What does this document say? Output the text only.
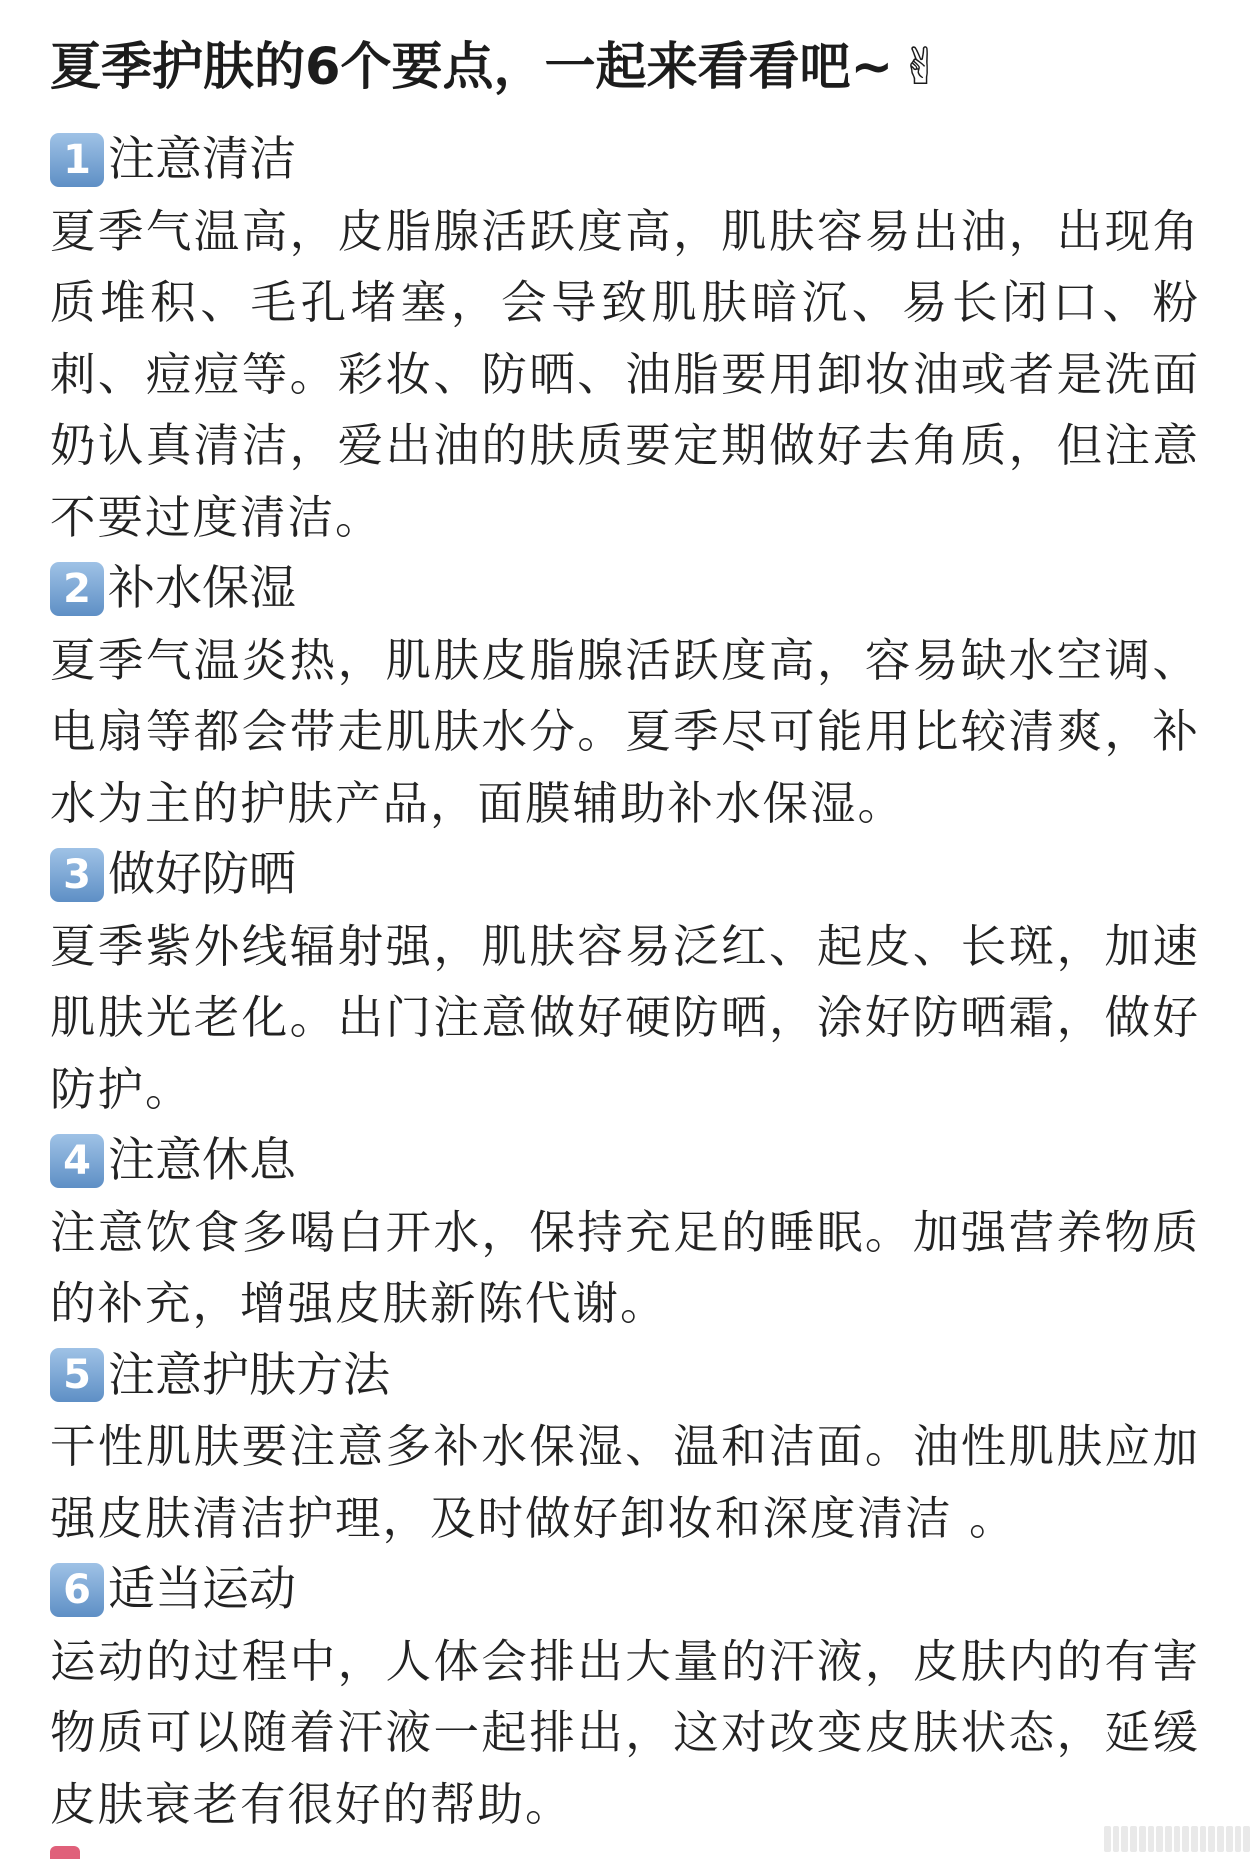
夏季护肤的6个要点，一起来看看吧~ ✌
1 注意清洁
夏季气温高，皮脂腺活跃度高，肌肤容易出油，出现角质堆积、毛孔堵塞，会导致肌肤暗沉、易长闭口、粉刺、痘痘等。彩妆、防晒、油脂要用卸妆油或者是洗面奶认真清洁，爱出油的肤质要定期做好去角质，但注意不要过度清洁。
2 补水保湿
夏季气温炎热，肌肤皮脂腺活跃度高，容易缺水空调、电扇等都会带走肌肤水分。夏季尽可能用比较清爽，补水为主的护肤产品，面膜辅助补水保湿。
3 做好防晒
夏季紫外线辐射强，肌肤容易泛红、起皮、长斑，加速肌肤光老化。出门注意做好硬防晒，涂好防晒霜，做好防护。
4 注意休息
注意饮食多喝白开水，保持充足的睡眠。加强营养物质的补充，增强皮肤新陈代谢。
5 注意护肤方法
干性肌肤要注意多补水保湿、温和洁面。油性肌肤应加强皮肤清洁护理，及时做好卸妆和深度清洁 。
6 适当运动
运动的过程中，人体会排出大量的汗液，皮肤内的有害物质可以随着汗液一起排出，这对改变皮肤状态，延缓皮肤衰老有很好的帮助。
